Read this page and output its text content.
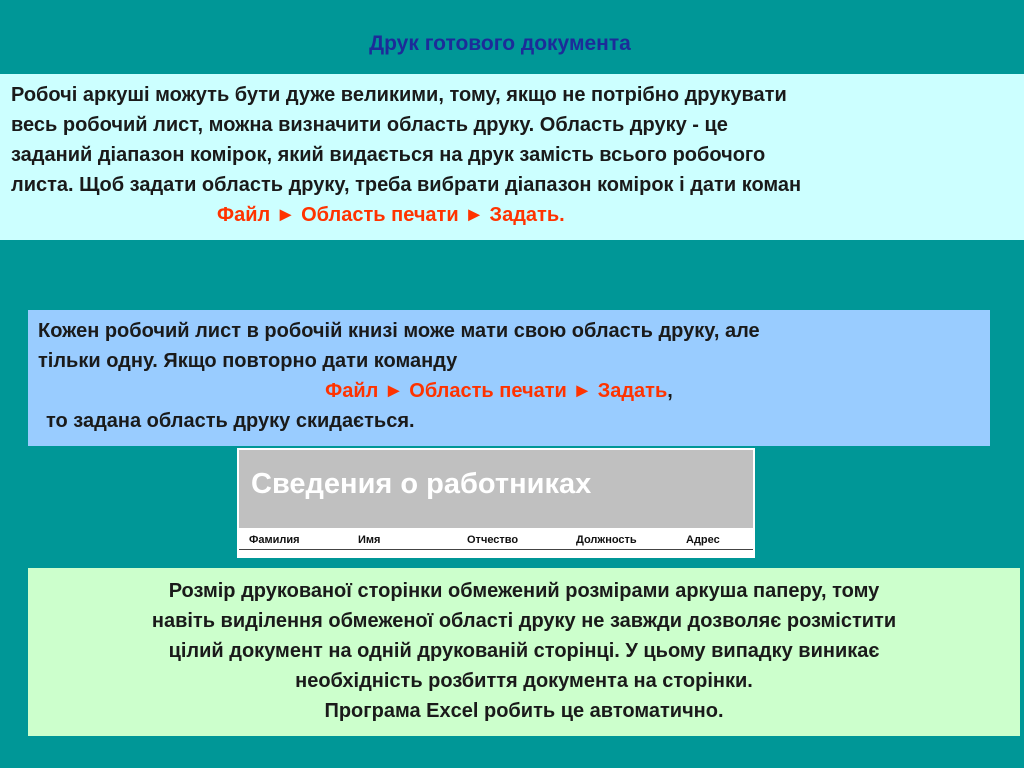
Друк готового документа
Робочі аркуші можуть бути дуже великими, тому, якщо не потрібно друкувати
весь робочий лист, можна визначити область друку. Область друку - це
заданий діапазон комірок, який видається на друк замість всього робочого
листа. Щоб задати область друку, треба вибрати діапазон комірок і дати коман
Файл ► Область печати ► Задать.
Кожен робочий лист в робочій книзі може мати свою область друку, але
тільки одну. Якщо повторно дати команду
Файл ► Область печати ► Задать,
то задана область друку скидається.
Сведения о работниках
Фамилия	Имя	Отчество	Должность	Адрес
Розмір друкованої сторінки обмежений розмірами аркуша паперу, тому
навіть виділення обмеженої області друку не завжди дозволяє розмістити
цілий документ на одній друкованій сторінці. У цьому випадку виникає
необхідність розбиття документа на сторінки.
Програма Excel робить це автоматично.
